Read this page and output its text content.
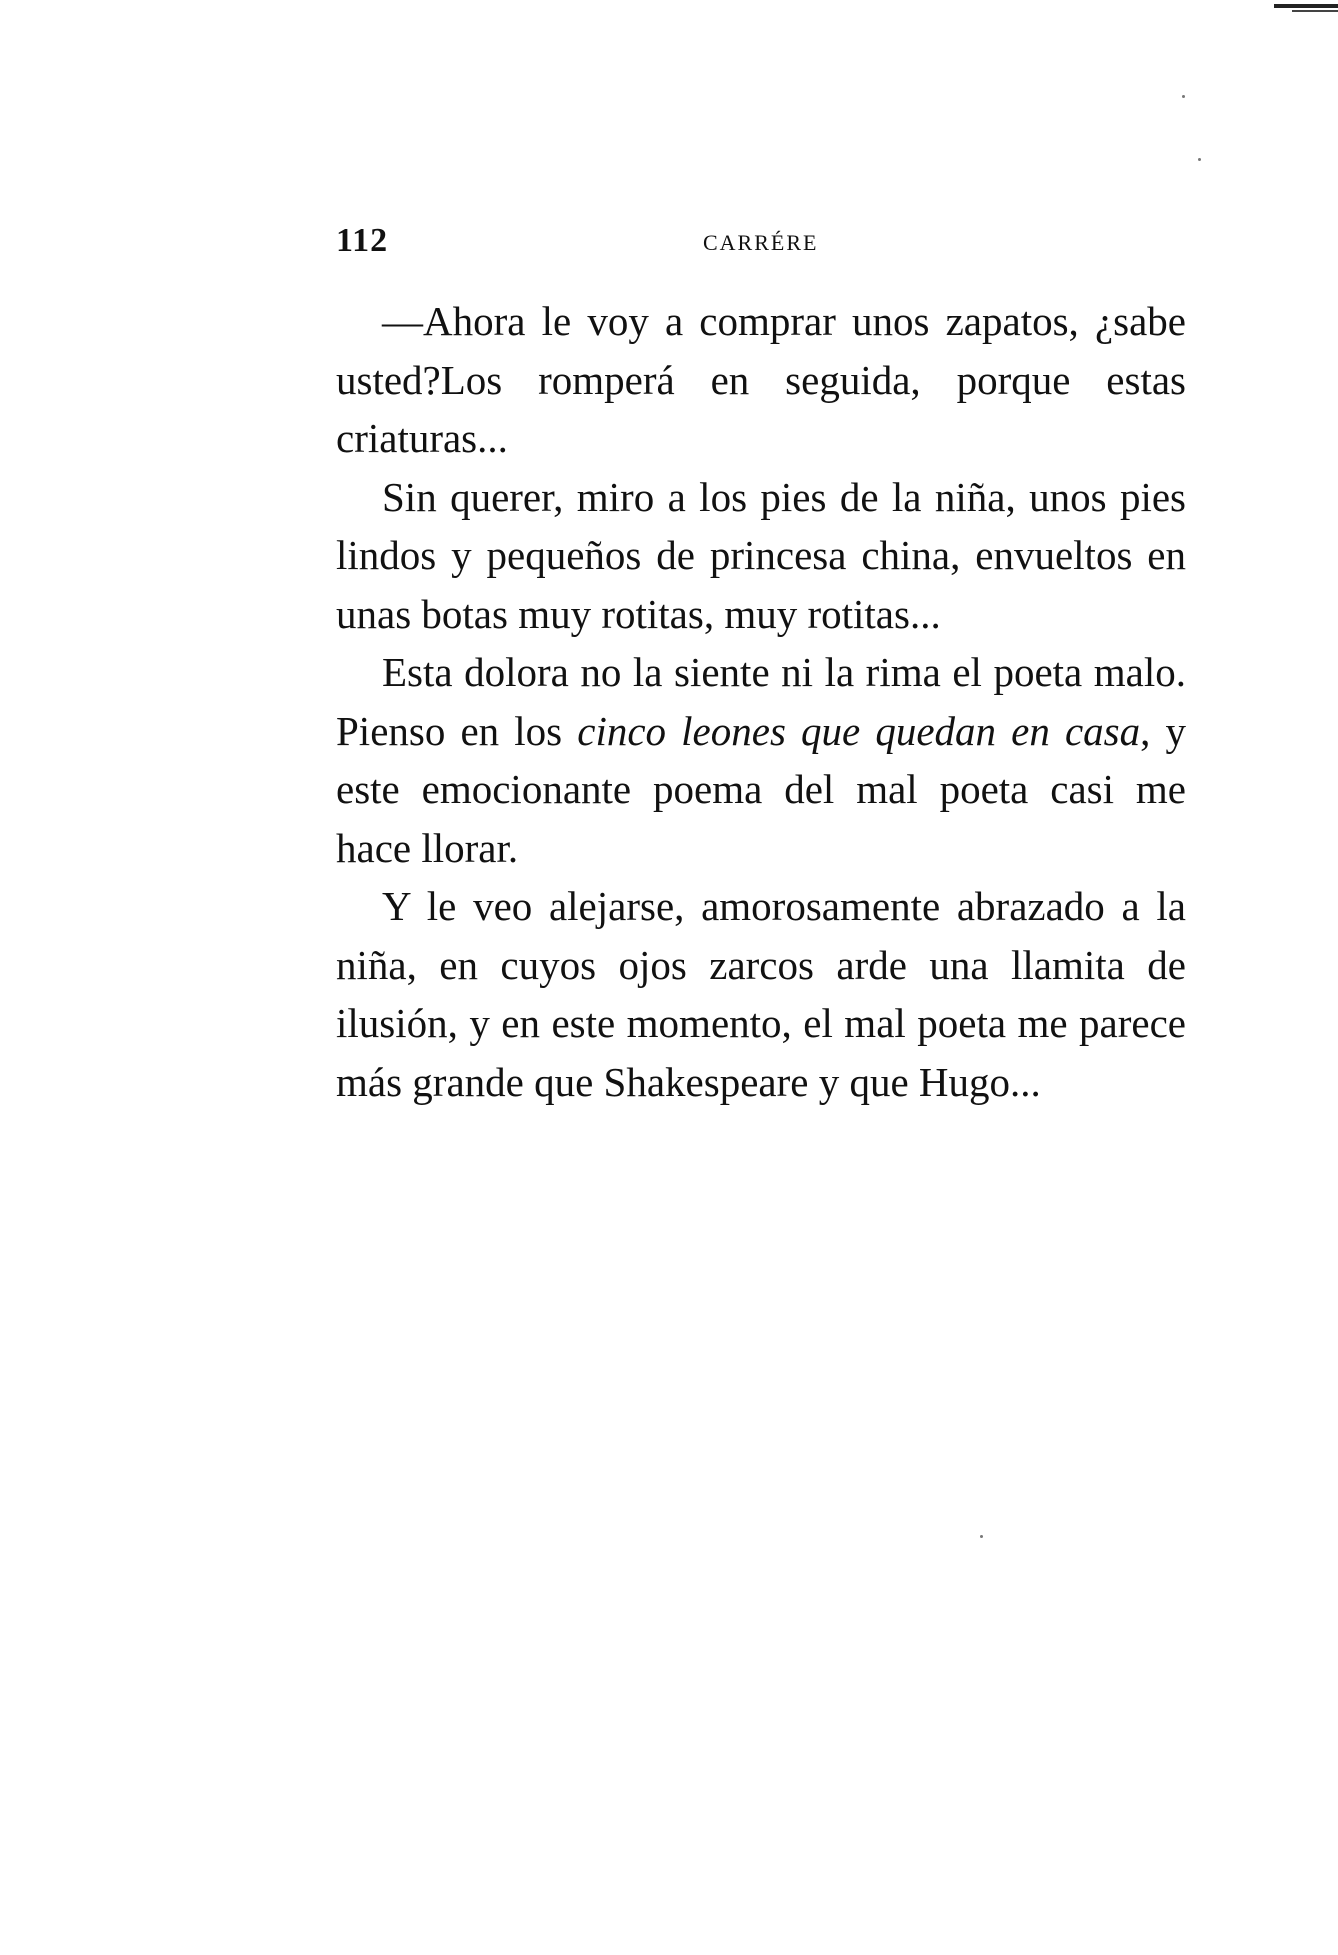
112	CARRÉRE

—Ahora le voy a comprar unos zapatos, ¿sabe usted?Los romperá en seguida, porque estas criaturas...

Sin querer, miro a los pies de la niña, unos pies lindos y pequeños de princesa china, envueltos en unas botas muy rotitas, muy rotitas...

Esta dolora no la siente ni la rima el poeta malo. Pienso en los cinco leones que quedan en casa, y este emocionante poema del mal poeta casi me hace llorar.

Y le veo alejarse, amorosamente abrazado a la niña, en cuyos ojos zarcos arde una llamita de ilusión, y en este momento, el mal poeta me parece más grande que Shakespeare y que Hugo...
